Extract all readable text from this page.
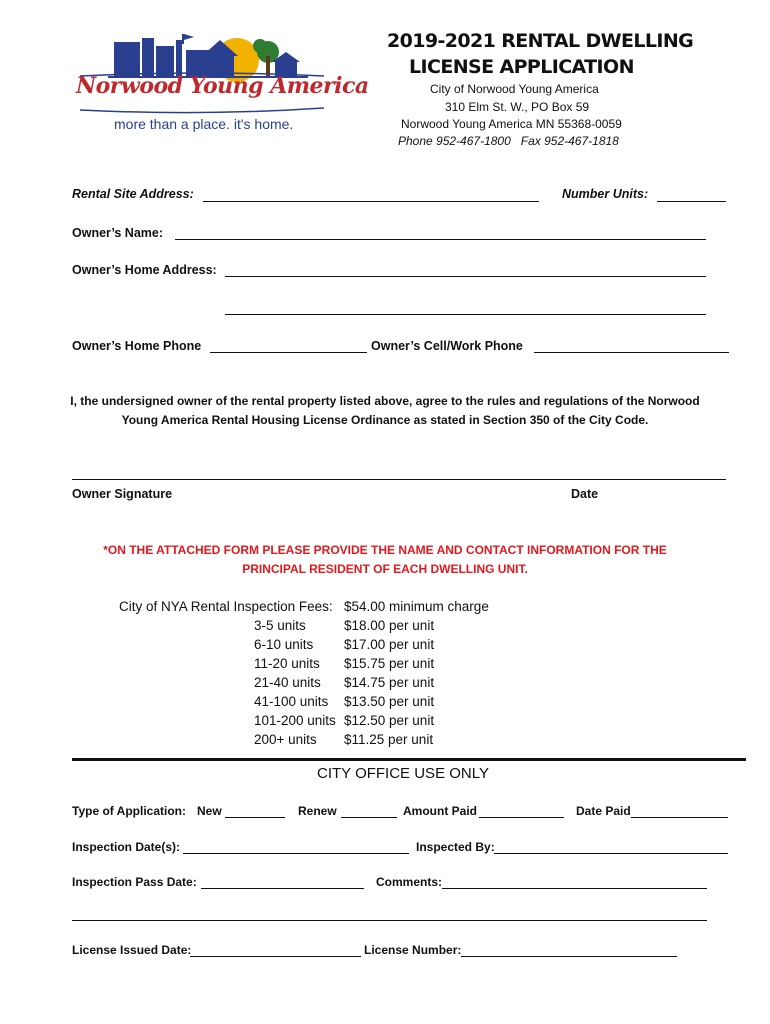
Norwood Young America
more than a place. it's home.
2019-2021 RENTAL DWELLING
LICENSE APPLICATION
City of Norwood Young America
310 Elm St. W., PO Box 59
Norwood Young America MN 55368-0059
Phone 952-467-1800   Fax 952-467-1818
Rental Site Address:	Number Units:
Owner’s Name:
Owner’s Home Address:
Owner’s Home Phone	Owner’s Cell/Work Phone
I, the undersigned owner of the rental property listed above, agree to the rules and regulations of the Norwood
Young America Rental Housing License Ordinance as stated in Section 350 of the City Code.
Owner Signature	Date
*ON THE ATTACHED FORM PLEASE PROVIDE THE NAME AND CONTACT INFORMATION FOR THE
PRINCIPAL RESIDENT OF EACH DWELLING UNIT.
City of NYA Rental Inspection Fees: $54.00 minimum charge
3-5 units	$18.00 per unit
6-10 units $17.00 per unit
11-20 units $15.75 per unit
21-40 units $14.75 per unit
41-100 units $13.50 per unit
101-200 units $12.50 per unit
200+ units $11.25 per unit
CITY OFFICE USE ONLY
Type of Application: New	Renew	Amount Paid	Date Paid
Inspection Date(s):	Inspected By:
Inspection Pass Date:	Comments:
License Issued Date:	License Number:
